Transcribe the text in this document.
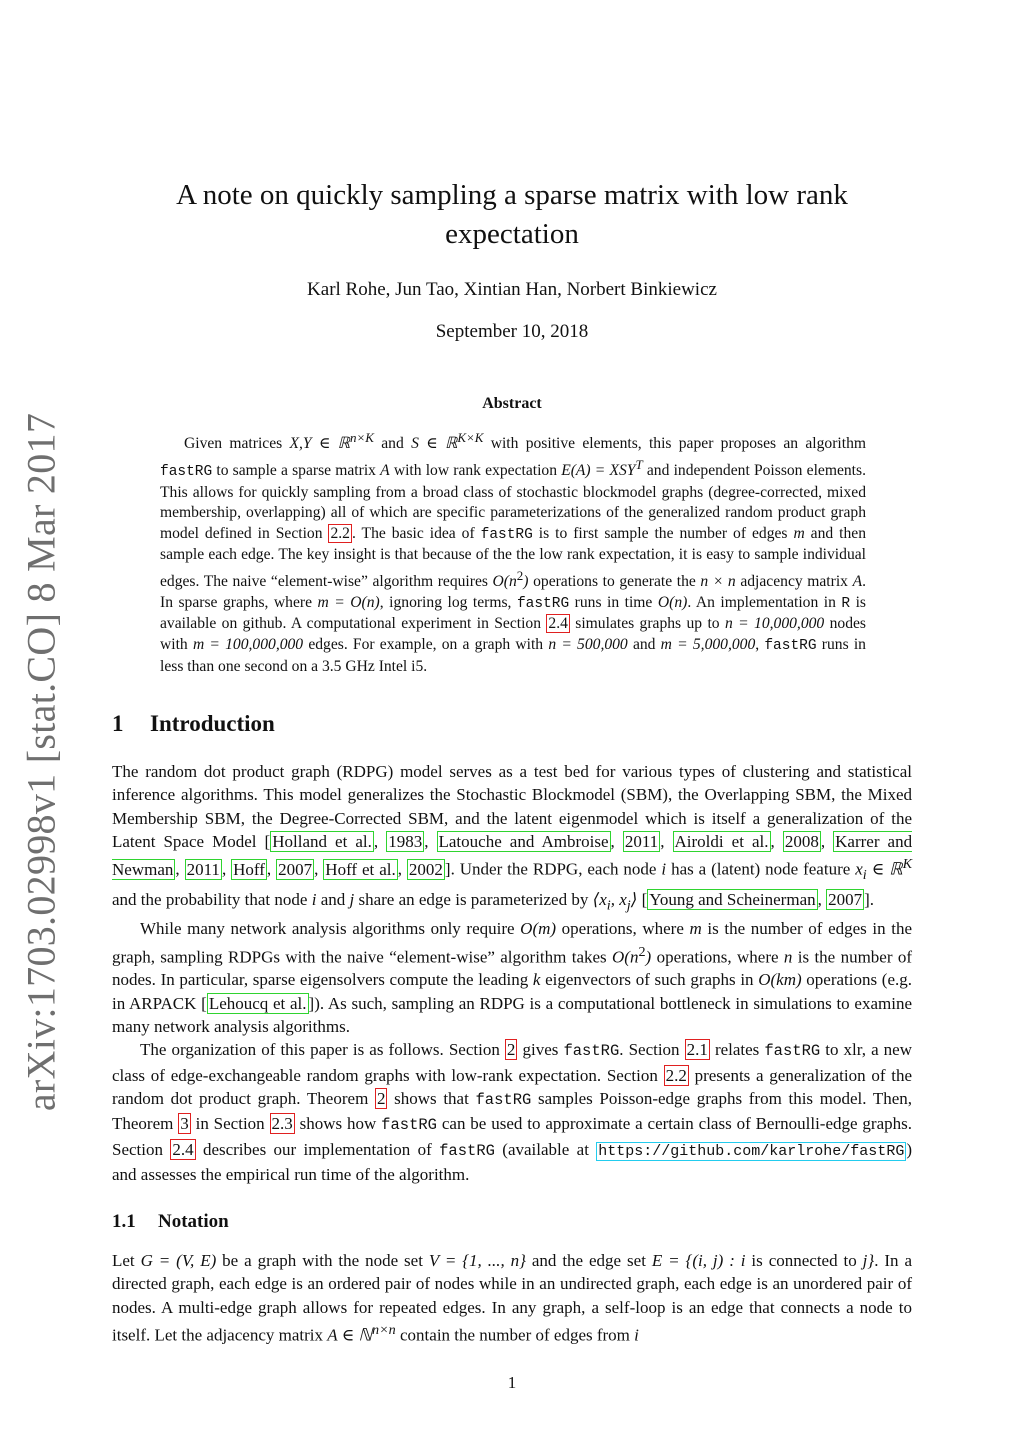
arXiv:1703.02998v1 [stat.CO] 8 Mar 2017
A note on quickly sampling a sparse matrix with low rank expectation
Karl Rohe, Jun Tao, Xintian Han, Norbert Binkiewicz
September 10, 2018
Abstract
Given matrices X,Y ∈ ℝ$^{n\times K}$ and S ∈ ℝ$^{K\times K}$ with positive elements, this paper proposes an algorithm fastRG to sample a sparse matrix A with low rank expectation $E(A) = XSY^T$ and independent Poisson elements. This allows for quickly sampling from a broad class of stochastic blockmodel graphs (degree-corrected, mixed membership, overlapping) all of which are specific parameterizations of the generalized random product graph model defined in Section 2.2 . The basic idea of fastRG is to first sample the number of edges m and then sample each edge. The key insight is that because of the the low rank expectation, it is easy to sample individual edges. The naive “element-wise” algorithm requires $O(n^2)$ operations to generate the n × n adjacency matrix A. In sparse graphs, where m = O(n), ignoring log terms, fastRG runs in time O(n). An implementation in R is available on github. A computational experiment in Section 2.4 simulates graphs up to n = 10,000,000 nodes with m = 100,000,000 edges. For example, on a graph with n = 500,000 and m = 5,000,000, fastRG runs in less than one second on a 3.5 GHz Intel i5.
1 Introduction

The random dot product graph (RDPG) model serves as a test bed for various types of clustering and statistical inference algorithms. This model generalizes the Stochastic Blockmodel (SBM), the Overlapping SBM, the Mixed Membership SBM, the Degree-Corrected SBM, and the latent eigenmodel which is itself a generalization of the Latent Space Model [ Holland et al. , 1983 , Latouche and Ambroise , 2011 , Airoldi et al. , 2008 , Karrer and Newman , 2011 , Hoff , 2007 , Hoff et al. , 2002 ]. Under the RDPG, each node i has a (latent) node feature $x_i$ ∈ ℝ$^K$ and the probability that node i and j share an edge is parameterized by $⟨x_i$, $x_j⟩$ [ Young and Scheinerman , 2007 ].

While many network analysis algorithms only require O(m) operations, where m is the number of edges in the graph, sampling RDPGs with the naive “element-wise” algorithm takes $O(n^2)$ operations, where n is the number of nodes. In particular, sparse eigensolvers compute the leading k eigenvectors of such graphs in O(km) operations (e.g. in ARPACK [ Lehoucq et al. ]). As such, sampling an RDPG is a computational bottleneck in simulations to examine many network analysis algorithms.

The organization of this paper is as follows. Section 2 gives fastRG. Section 2.1 relates fastRG to xlr, a new class of edge-exchangeable random graphs with low-rank expectation. Section 2.2 presents a generalization of the random dot product graph. Theorem 2 shows that fastRG samples Poisson-edge graphs from this model. Then, Theorem 3 in Section 2.3 shows how fastRG can be used to approximate a certain class of Bernoulli-edge graphs. Section 2.4 describes our implementation of fastRG (available at https://github.com/karlrohe/fastRG ) and assesses the empirical run time of the algorithm.

1.1 Notation
Let G = (V, E) be a graph with the node set V = {1, ..., n} and the edge set E = {(i, j) : i is connected to j}. In a directed graph, each edge is an ordered pair of nodes while in an undirected graph, each edge is an unordered pair of nodes. A multi-edge graph allows for repeated edges. In any graph, a self-loop is an edge that connects a node to itself. Let the adjacency matrix A ∈ ℕ$^{n\times n}$ contain the number of edges from i
1
